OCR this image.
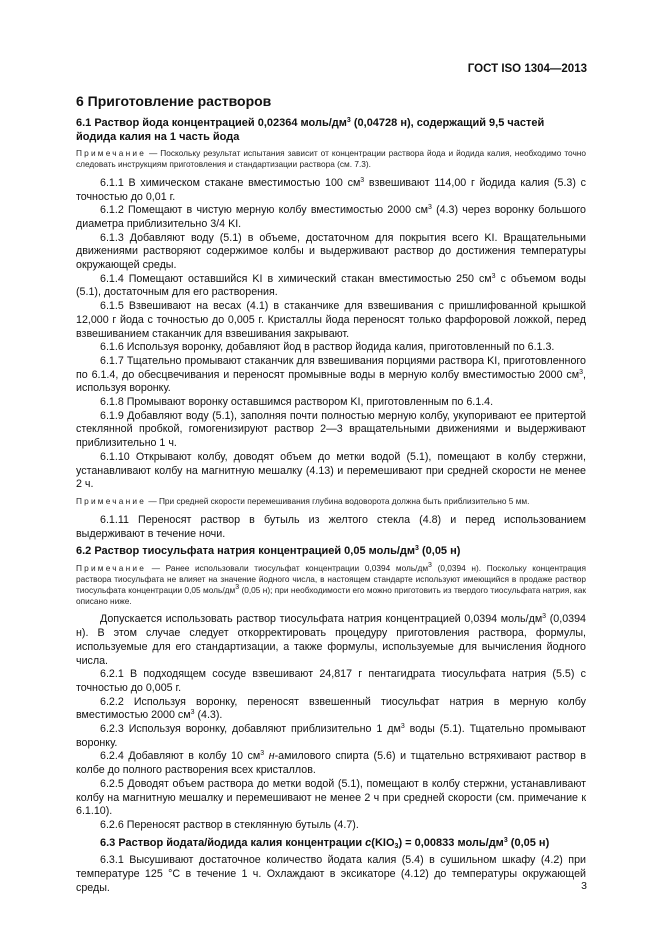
ГОСТ ISO 1304—2013
6 Приготовление растворов
6.1 Раствор йода концентрацией 0,02364 моль/$дм^3$ (0,04728 н), содержащий 9,5 частей йодида калия на 1 часть йода

Примечание — Поскольку результат испытания зависит от концентрации раствора йода и йодида калия, необходимо точно следовать инструкциям приготовления и стандартизации раствора (см. 7.3).

6.1.1 В химическом стакане вместимостью 100 $см^3$ взвешивают 114,00 г йодида калия (5.3) с точностью до 0,01 г.

6.1.2 Помещают в чистую мерную колбу вместимостью 2000 $см^3$ (4.3) через воронку большого диаметра приблизительно 3/4 KI.

6.1.3 Добавляют воду (5.1) в объеме, достаточном для покрытия всего KI. Вращательными движениями растворяют содержимое колбы и выдерживают раствор до достижения температуры окружающей среды.

6.1.4 Помещают оставшийся KI в химический стакан вместимостью 250 $см^3$ с объемом воды (5.1), достаточным для его растворения.

6.1.5 Взвешивают на весах (4.1) в стаканчике для взвешивания с пришлифованной крышкой 12,000 г йода с точностью до 0,005 г. Кристаллы йода переносят только фарфоровой ложкой, перед взвешиванием стаканчик для взвешивания закрывают.

6.1.6 Используя воронку, добавляют йод в раствор йодида калия, приготовленный по 6.1.3.

6.1.7 Тщательно промывают стаканчик для взвешивания порциями раствора KI, приготовленного по 6.1.4, до обесцвечивания и переносят промывные воды в мерную колбу вместимостью 2000 $см^3$, используя воронку.

6.1.8 Промывают воронку оставшимся раствором KI, приготовленным по 6.1.4.

6.1.9 Добавляют воду (5.1), заполняя почти полностью мерную колбу, укупоривают ее притертой стеклянной пробкой, гомогенизируют раствор 2—3 вращательными движениями и выдерживают приблизительно 1 ч.

6.1.10 Открывают колбу, доводят объем до метки водой (5.1), помещают в колбу стержни, устанавливают колбу на магнитную мешалку (4.13) и перемешивают при средней скорости не менее 2 ч.

Примечание — При средней скорости перемешивания глубина водоворота должна быть приблизительно 5 мм.

6.1.11 Переносят раствор в бутыль из желтого стекла (4.8) и перед использованием выдерживают в течение ночи.

6.2 Раствор тиосульфата натрия концентрацией 0,05 моль/$дм^3$ (0,05 н)

Примечание — Ранее использовали тиосульфат концентрации 0,0394 моль/$дм^3$ (0,0394 н). Поскольку концентрация раствора тиосульфата не влияет на значение йодного числа, в настоящем стандарте используют имеющийся в продаже раствор тиосульфата концентрации 0,05 моль/$дм^3$ (0,05 н); при необходимости его можно приготовить из твердого тиосульфата натрия, как описано ниже.

Допускается использовать раствор тиосульфата натрия концентрацией 0,0394 моль/$дм^3$ (0,0394 н). В этом случае следует откорректировать процедуру приготовления раствора, формулы, используемые для его стандартизации, а также формулы, используемые для вычисления йодного числа.

6.2.1 В подходящем сосуде взвешивают 24,817 г пентагидрата тиосульфата натрия (5.5) с точностью до 0,005 г.

6.2.2 Используя воронку, переносят взвешенный тиосульфат натрия в мерную колбу вместимостью 2000 $см^3$ (4.3).

6.2.3 Используя воронку, добавляют приблизительно 1 $дм^3$ воды (5.1). Тщательно промывают воронку.

6.2.4 Добавляют в колбу 10 $см^3$ н-амилового спирта (5.6) и тщательно встряхивают раствор в колбе до полного растворения всех кристаллов.

6.2.5 Доводят объем раствора до метки водой (5.1), помещают в колбу стержни, устанавливают колбу на магнитную мешалку и перемешивают не менее 2 ч при средней скорости (см. примечание к 6.1.10).

6.2.6 Переносят раствор в стеклянную бутыль (4.7).

6.3 Раствор йодата/йодида калия концентрации $c(KIO_3) = 0,00833$ моль/$дм^3$ (0,05 н)

6.3.1 Высушивают достаточное количество йодата калия (5.4) в сушильном шкафу (4.2) при температуре 125 °С в течение 1 ч. Охлаждают в эксикаторе (4.12) до температуры окружающей среды.	3
